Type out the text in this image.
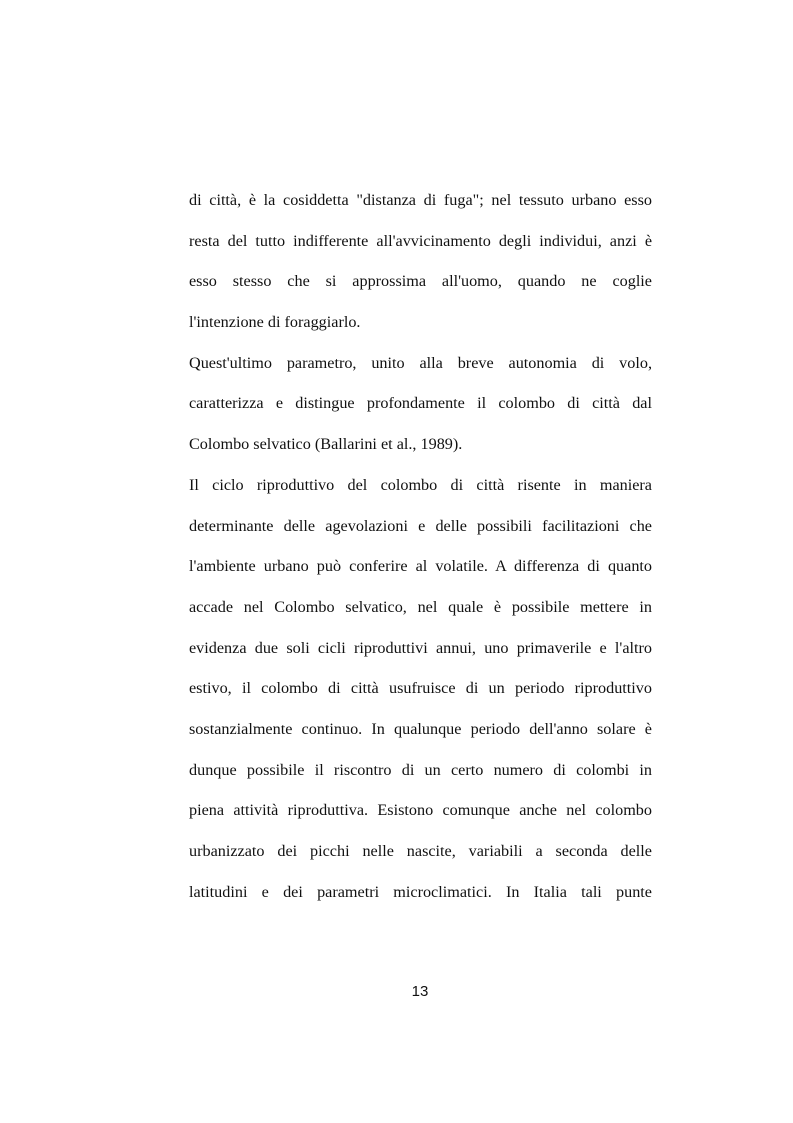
di città, è la cosiddetta "distanza di fuga"; nel tessuto urbano esso
resta del tutto indifferente all'avvicinamento degli individui, anzi è
esso stesso che si approssima all'uomo, quando ne coglie
l'intenzione di foraggiarlo.
Quest'ultimo parametro, unito alla breve autonomia di volo,
caratterizza e distingue profondamente il colombo di città dal
Colombo selvatico (Ballarini et al., 1989).
Il ciclo riproduttivo del colombo di città risente in maniera
determinante delle agevolazioni e delle possibili facilitazioni che
l'ambiente urbano può conferire al volatile. A differenza di quanto
accade nel Colombo selvatico, nel quale è possibile mettere in
evidenza due soli cicli riproduttivi annui, uno primaverile e l'altro
estivo, il colombo di città usufruisce di un periodo riproduttivo
sostanzialmente continuo. In qualunque periodo dell'anno solare è
dunque possibile il riscontro di un certo numero di colombi in
piena attività riproduttiva. Esistono comunque anche nel colombo
urbanizzato dei picchi nelle nascite, variabili a seconda delle
latitudini e dei parametri microclimatici. In Italia tali punte
13
